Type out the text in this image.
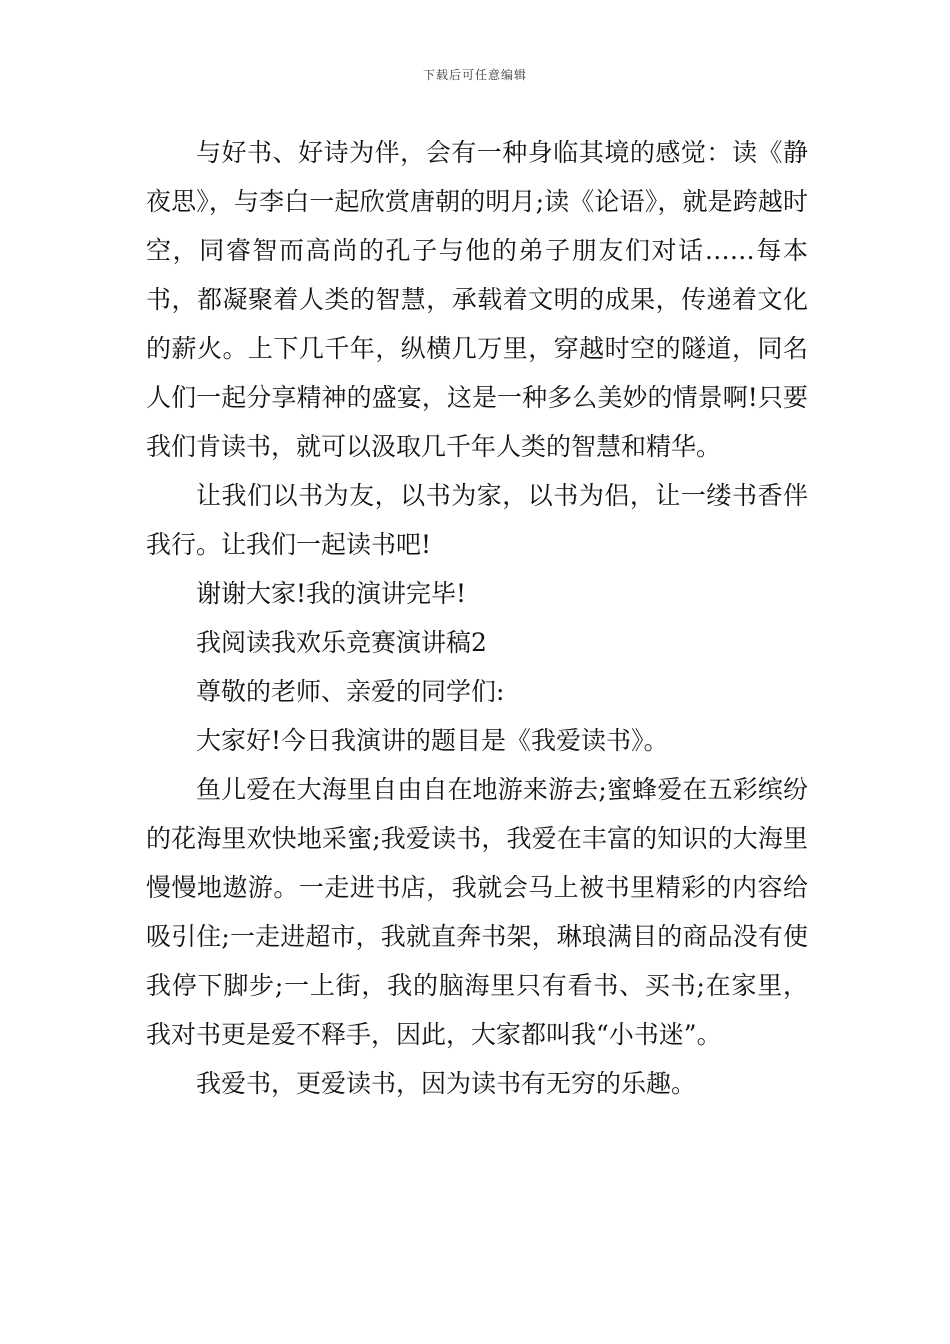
下载后可任意编辑

与好书、好诗为伴，会有一种身临其境的感觉：读《静夜思》，与李白一起欣赏唐朝的明月;读《论语》，就是跨越时空，同睿智而高尚的孔子与他的弟子朋友们对话……每本书，都凝聚着人类的智慧，承载着文明的成果，传递着文化的薪火。上下几千年，纵横几万里，穿越时空的隧道，同名人们一起分享精神的盛宴，这是一种多么美妙的情景啊!只要我们肯读书，就可以汲取几千年人类的智慧和精华。

让我们以书为友，以书为家，以书为侣，让一缕书香伴我行。让我们一起读书吧!

谢谢大家!我的演讲完毕!

我阅读我欢乐竞赛演讲稿2

尊敬的老师、亲爱的同学们:

大家好!今日我演讲的题目是《我爱读书》。

鱼儿爱在大海里自由自在地游来游去;蜜蜂爱在五彩缤纷的花海里欢快地采蜜;我爱读书，我爱在丰富的知识的大海里慢慢地遨游。一走进书店，我就会马上被书里精彩的内容给吸引住;一走进超市，我就直奔书架，琳琅满目的商品没有使我停下脚步;一上街，我的脑海里只有看书、买书;在家里，我对书更是爱不释手，因此，大家都叫我“小书迷”。

我爱书，更爱读书，因为读书有无穷的乐趣。
